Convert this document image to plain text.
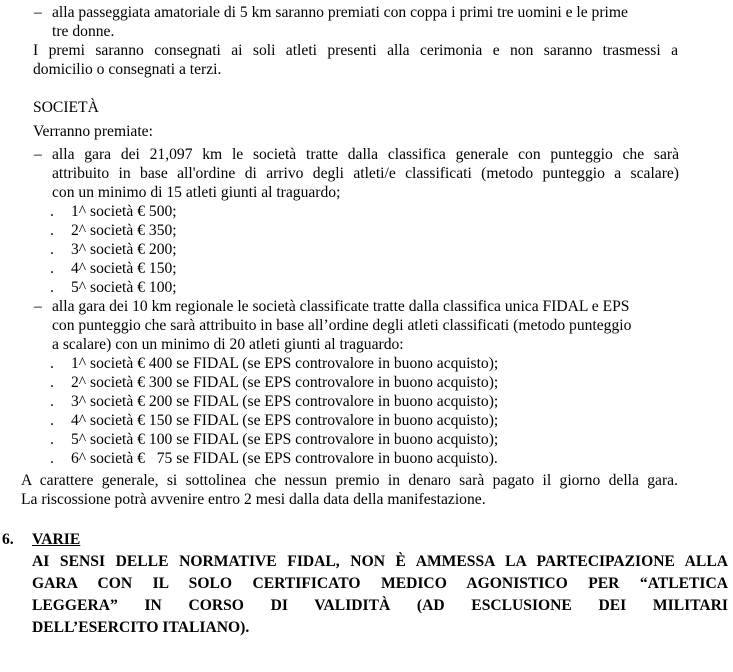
– alla passeggiata amatoriale di 5 km saranno premiati con coppa i primi tre uomini e le prime
tre donne.
I premi saranno consegnati ai soli atleti presenti alla cerimonia e non saranno trasmessi a
domicilio o consegnati a terzi.
SOCIETÀ
Verranno premiate:
– alla gara dei 21,097 km le società tratte dalla classifica generale con punteggio che sarà
attribuito in base all'ordine di arrivo degli atleti/e classificati (metodo punteggio a scalare)
con un minimo di 15 atleti giunti al traguardo;
. 1^ società € 500;
. 2^ società € 350;
. 3^ società € 200;
. 4^ società € 150;
. 5^ società € 100;
– alla gara dei 10 km regionale le società classificate tratte dalla classifica unica FIDAL e EPS
con punteggio che sarà attribuito in base all’ordine degli atleti classificati (metodo punteggio
a scalare) con un minimo di 20 atleti giunti al traguardo:
. 1^ società € 400 se FIDAL (se EPS controvalore in buono acquisto);
. 2^ società € 300 se FIDAL (se EPS controvalore in buono acquisto);
. 3^ società € 200 se FIDAL (se EPS controvalore in buono acquisto);
. 4^ società € 150 se FIDAL (se EPS controvalore in buono acquisto);
. 5^ società € 100 se FIDAL (se EPS controvalore in buono acquisto);
. 6^ società €   75 se FIDAL (se EPS controvalore in buono acquisto).
A carattere generale, si sottolinea che nessun premio in denaro sarà pagato il giorno della gara.
La riscossione potrà avvenire entro 2 mesi dalla data della manifestazione.
6. VARIE
AI SENSI DELLE NORMATIVE FIDAL, NON È AMMESSA LA PARTECIPAZIONE ALLA
GARA CON IL SOLO CERTIFICATO MEDICO AGONISTICO PER “ATLETICA
LEGGERA” IN CORSO DI VALIDITÀ (AD ESCLUSIONE DEI MILITARI
DELL’ESERCITO ITALIANO).
